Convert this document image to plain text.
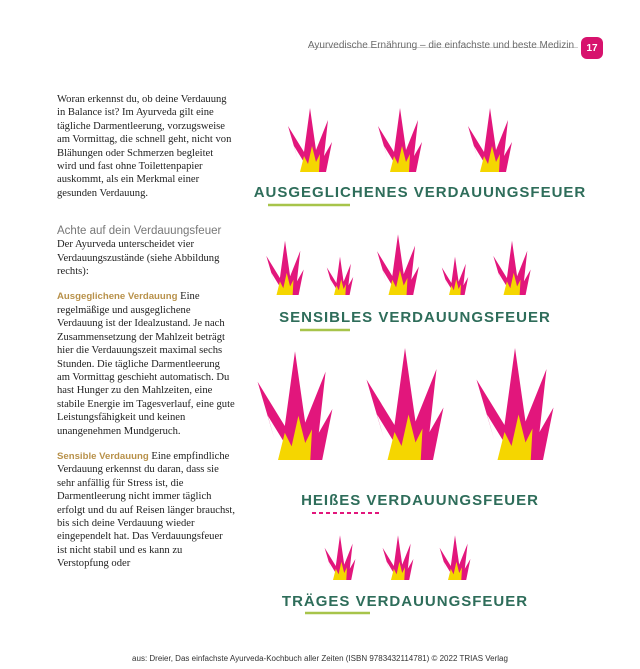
Ayurvedische Ernährung – die einfachste und beste Medizin	17

Woran erkennst du, ob deine Verdauung in Balance ist? Im Ayurveda gilt eine tägliche Darmentleerung, vorzugsweise am Vormittag, die schnell geht, nicht von Blähungen oder Schmerzen begleitet wird und fast ohne Toilettenpapier auskommt, als ein Merkmal einer gesunden Verdauung.

Achte auf dein Verdauungsfeuer

Der Ayurveda unterscheidet vier Verdauungszustände (siehe Abbildung rechts):

Ausgeglichene Verdauung Eine regelmäßige und ausgeglichene Verdauung ist der Idealzustand. Je nach Zusammensetzung der Mahlzeit beträgt hier die Verdauungszeit maximal sechs Stunden. Die tägliche Darmentleerung am Vormittag geschieht automatisch. Du hast Hunger zu den Mahlzeiten, eine stabile Energie im Tagesverlauf, eine gute Leistungsfähigkeit und keinen unangenehmen Mundgeruch.

Sensible Verdauung Eine empfindliche Verdauung erkennst du daran, dass sie sehr anfällig für Stress ist, die Darmentleerung nicht immer täglich erfolgt und du auf Reisen länger brauchst, bis sich deine Verdauung wieder eingependelt hat. Das Verdauungsfeuer ist nicht stabil und es kann zu Verstopfung oder

AUSGEGLICHENES VERDAUUNGSFEUER
SENSIBLES VERDAUUNGSFEUER
HEIßES VERDAUUNGSFEUER
TRÄGES VERDAUUNGSFEUER
aus: Dreier, Das einfachste Ayurveda-Kochbuch aller Zeiten (ISBN 9783432114781) © 2022 TRIAS Verlag
